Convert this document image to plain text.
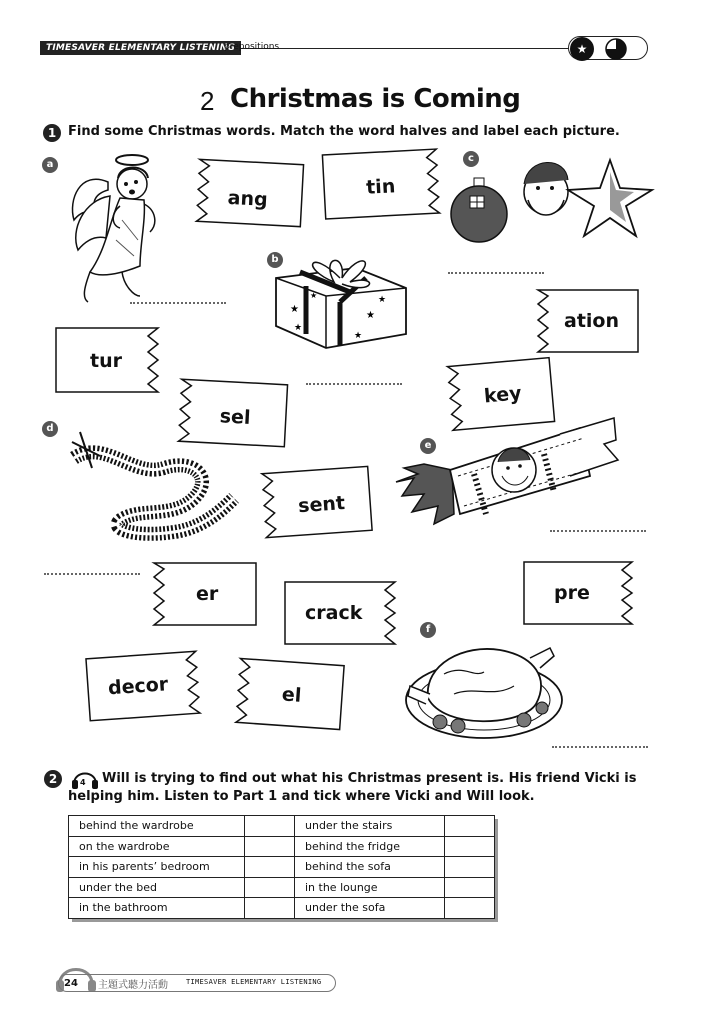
TIMESAVER ELEMENTARY LISTENING
prepositions	★
2 Christmas is Coming
1 Find some Christmas words. Match the word halves and label each picture.
a
b
c
d
e
f
ang	tin
ation
tur
sel
key
sent
er
crack
pre
decor	el
★
★
★
★
★
★
2	4	Will is trying to find out what his Christmas present is. His friend Vicki is helping him. Listen to Part 1 and tick where Vicki and Will look.
behind the wardrobe		under the stairs	
on the wardrobe		behind the fridge	
in his parents’ bedroom		behind the sofa	
under the bed		in the lounge	
in the bathroom		under the sofa	
24 主題式聽力活動	TIMESAVER ELEMENTARY LISTENING
